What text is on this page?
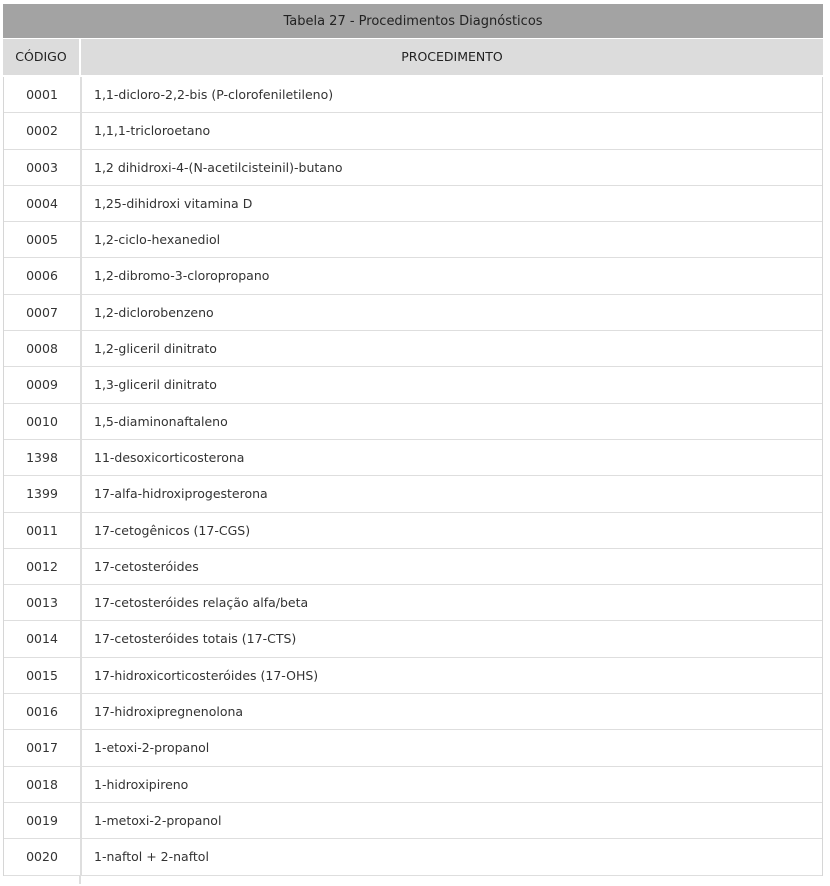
Tabela 27 - Procedimentos Diagnósticos
CÓDIGO	PROCEDIMENTO
0001	1,1-dicloro-2,2-bis (P-clorofeniletileno)
0002	1,1,1-tricloroetano
0003	1,2 dihidroxi-4-(N-acetilcisteinil)-butano
0004	1,25-dihidroxi vitamina D
0005	1,2-ciclo-hexanediol
0006	1,2-dibromo-3-cloropropano
0007	1,2-diclorobenzeno
0008	1,2-gliceril dinitrato
0009	1,3-gliceril dinitrato
0010	1,5-diaminonaftaleno
1398	11-desoxicorticosterona
1399	17-alfa-hidroxiprogesterona
0011	17-cetogênicos (17-CGS)
0012	17-cetosteróides
0013	17-cetosteróides relação alfa/beta
0014	17-cetosteróides totais (17-CTS)
0015	17-hidroxicorticosteróides (17-OHS)
0016	17-hidroxipregnenolona
0017	1-etoxi-2-propanol
0018	1-hidroxipireno
0019	1-metoxi-2-propanol
0020	1-naftol + 2-naftol
